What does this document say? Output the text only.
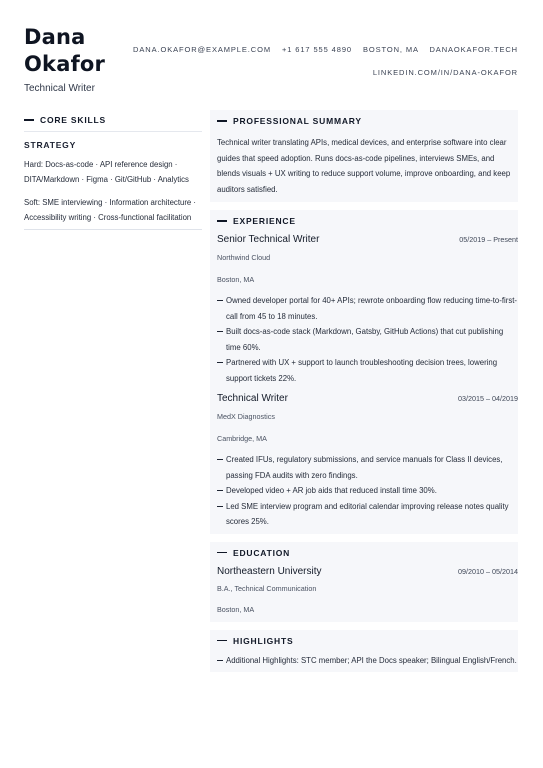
Dana
Okafor
Technical Writer
DANA.OKAFOR@EXAMPLE.COM +1 617 555 4890 BOSTON, MA DANAOKAFOR.TECH
LINKEDIN.COM/IN/DANA-OKAFOR
CORE SKILLS
STRATEGY
Hard: Docs-as-code · API reference design ·
DITA/Markdown · Figma · Git/GitHub · Analytics
Soft: SME interviewing · Information architecture ·
Accessibility writing · Cross-functional facilitation
PROFESSIONAL SUMMARY
Technical writer translating APIs, medical devices, and enterprise software into clear guides that speed adoption. Runs docs-as-code pipelines, interviews SMEs, and blends visuals + UX writing to reduce support volume, improve onboarding, and keep auditors satisfied.
EXPERIENCE
Senior Technical Writer	05/2019 – Present
Northwind Cloud
Boston, MA
Owned developer portal for 40+ APIs; rewrote onboarding flow reducing time-to-first-call from 45 to 18 minutes.
Built docs-as-code stack (Markdown, Gatsby, GitHub Actions) that cut publishing time 60%.
Partnered with UX + support to launch troubleshooting decision trees, lowering support tickets 22%.
Technical Writer	03/2015 – 04/2019
MedX Diagnostics
Cambridge, MA
Created IFUs, regulatory submissions, and service manuals for Class II devices, passing FDA audits with zero findings.
Developed video + AR job aids that reduced install time 30%.
Led SME interview program and editorial calendar improving release notes quality scores 25%.
EDUCATION
Northeastern University	09/2010 – 05/2014
B.A., Technical Communication
Boston, MA
HIGHLIGHTS
Additional Highlights: STC member; API the Docs speaker; Bilingual English/French.
